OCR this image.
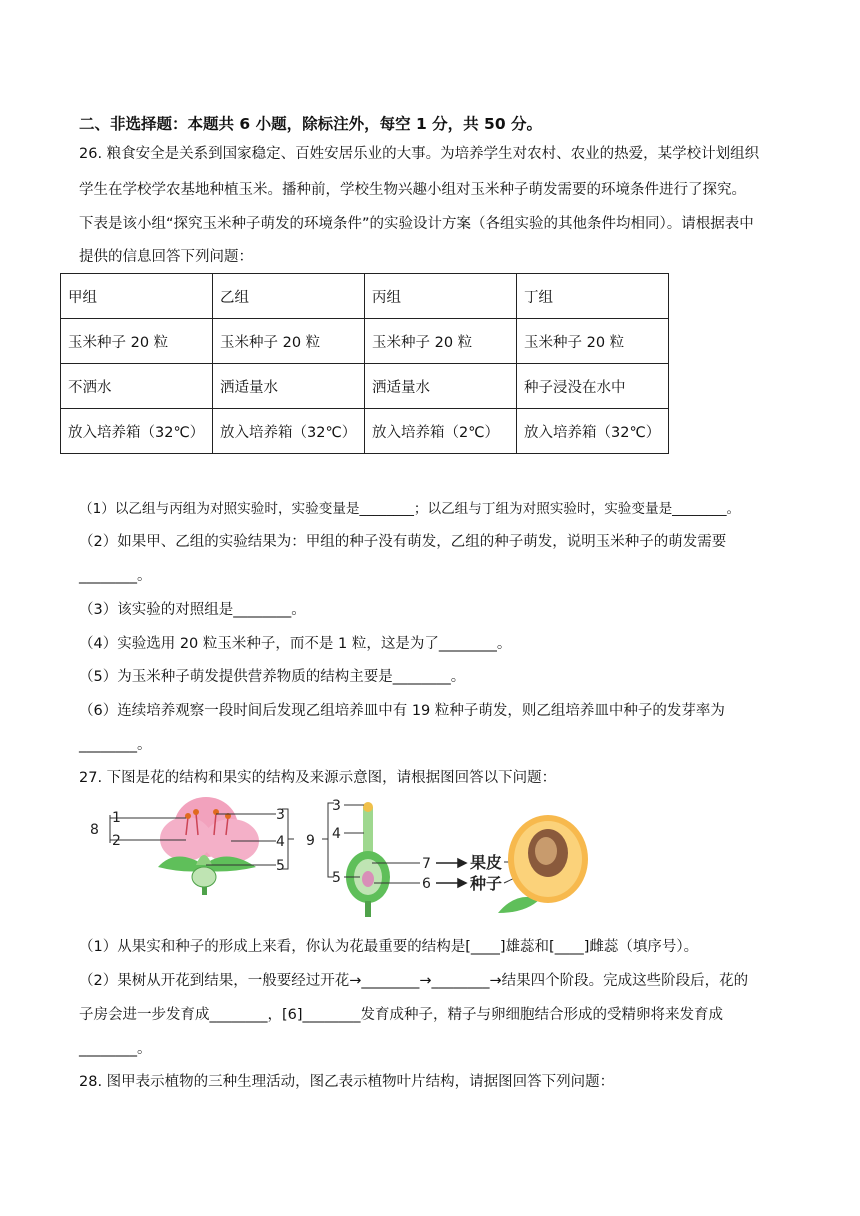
二、非选择题：本题共 6 小题，除标注外，每空 1 分，共 50 分。
26. 粮食安全是关系到国家稳定、百姓安居乐业的大事。为培养学生对农村、农业的热爱，某学校计划组织
学生在学校学农基地种植玉米。播种前，学校生物兴趣小组对玉米种子萌发需要的环境条件进行了探究。
下表是该小组“探究玉米种子萌发的环境条件”的实验设计方案（各组实验的其他条件均相同）。请根据表中
提供的信息回答下列问题：
甲组	乙组	丙组	丁组
玉米种子 20 粒	玉米种子 20 粒	玉米种子 20 粒	玉米种子 20 粒
不洒水	洒适量水	洒适量水	种子浸没在水中
放入培养箱（32℃）	放入培养箱（32℃）	放入培养箱（2℃）	放入培养箱（32℃）
（1）以乙组与丙组为对照实验时，实验变量是________；以乙组与丁组为对照实验时，实验变量是________。
（2）如果甲、乙组的实验结果为：甲组的种子没有萌发，乙组的种子萌发，说明玉米种子的萌发需要
________。
（3）该实验的对照组是________。
（4）实验选用 20 粒玉米种子，而不是 1 粒，这是为了________。
（5）为玉米种子萌发提供营养物质的结构主要是________。
（6）连续培养观察一段时间后发现乙组培养皿中有 19 粒种子萌发，则乙组培养皿中种子的发芽率为
________。
27. 下图是花的结构和果实的结构及来源示意图，请根据图回答以下问题：
8
1
2
3
4
5
9
3
4
5
7
6
果皮
种子
（1）从果实和种子的形成上来看，你认为花最重要的结构是[____]雄蕊和[____]雌蕊（填序号）。
（2）果树从开花到结果，一般要经过开花→________→________→结果四个阶段。完成这些阶段后，花的
子房会进一步发育成________，[6]________发育成种子，精子与卵细胞结合形成的受精卵将来发育成
________。
28. 图甲表示植物的三种生理活动，图乙表示植物叶片结构，请据图回答下列问题：
